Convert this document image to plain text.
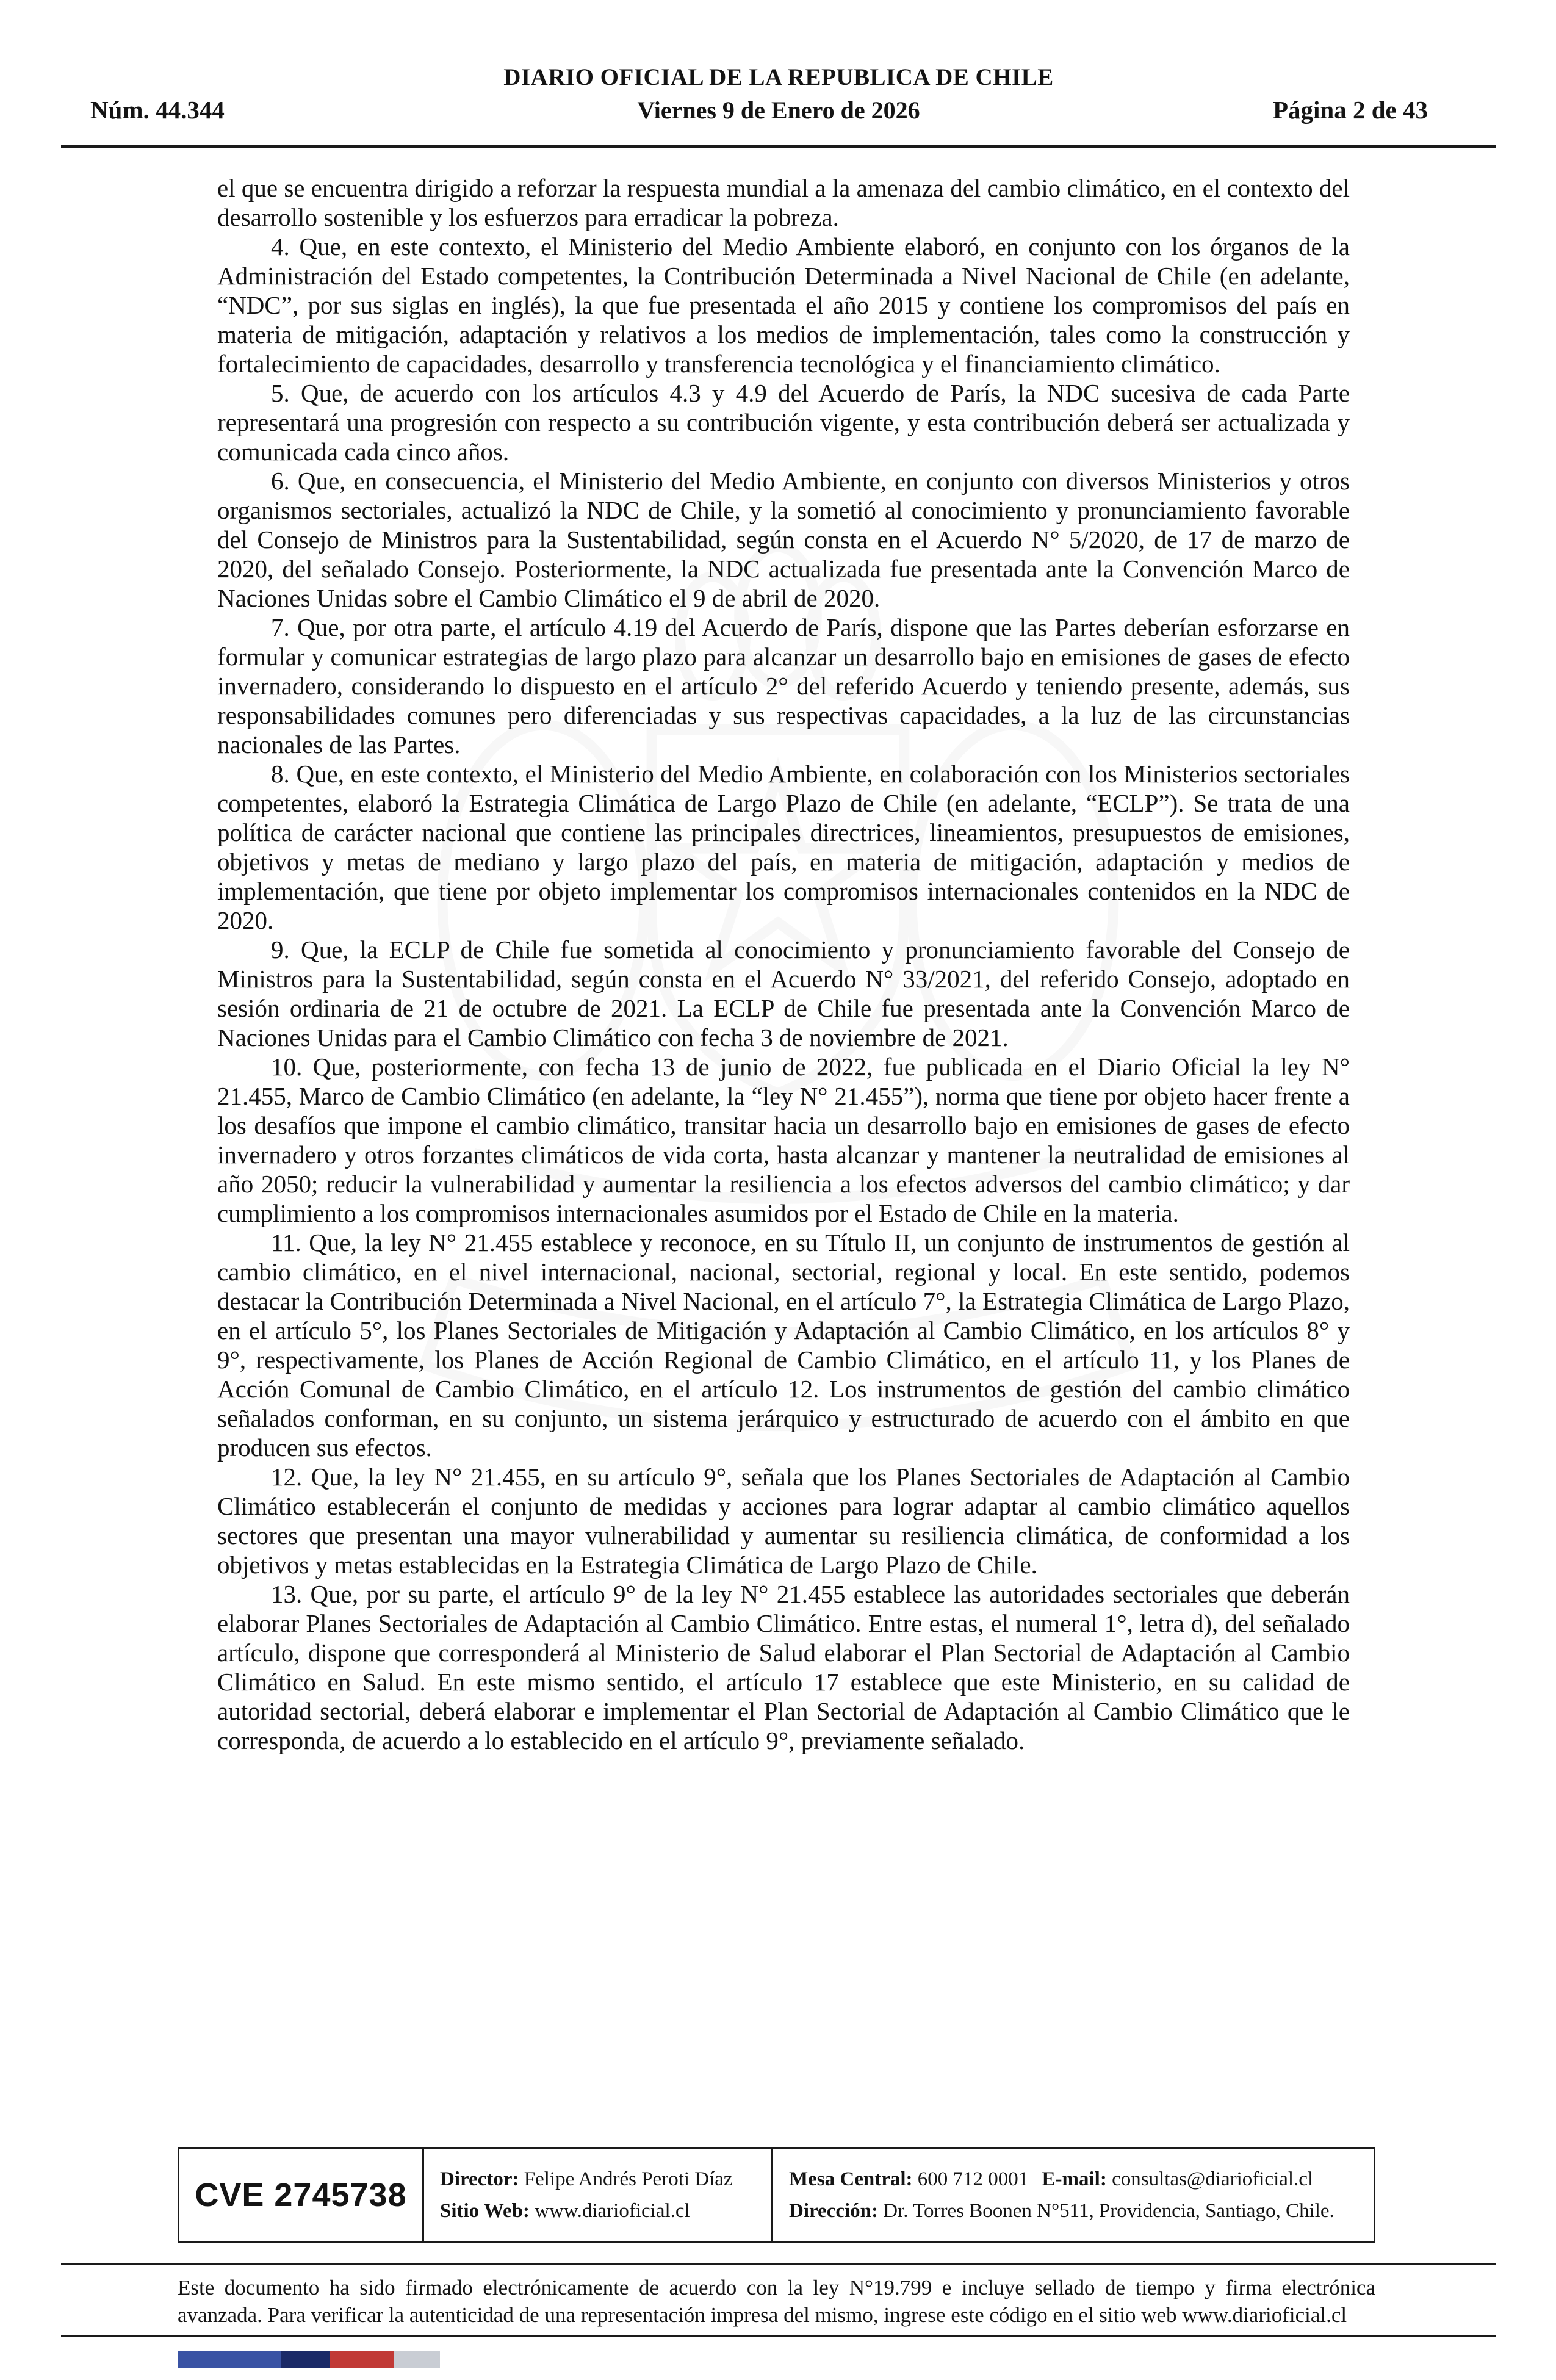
DIARIO OFICIAL DE LA REPUBLICA DE CHILE
Viernes 9 de Enero de 2026
Núm. 44.344	Página 2 de 43

el que se encuentra dirigido a reforzar la respuesta mundial a la amenaza del cambio climático, en el contexto del desarrollo sostenible y los esfuerzos para erradicar la pobreza.

4. Que, en este contexto, el Ministerio del Medio Ambiente elaboró, en conjunto con los órganos de la Administración del Estado competentes, la Contribución Determinada a Nivel Nacional de Chile (en adelante, “NDC”, por sus siglas en inglés), la que fue presentada el año 2015 y contiene los compromisos del país en materia de mitigación, adaptación y relativos a los medios de implementación, tales como la construcción y fortalecimiento de capacidades, desarrollo y transferencia tecnológica y el financiamiento climático.

5. Que, de acuerdo con los artículos 4.3 y 4.9 del Acuerdo de París, la NDC sucesiva de cada Parte representará una progresión con respecto a su contribución vigente, y esta contribución deberá ser actualizada y comunicada cada cinco años.

6. Que, en consecuencia, el Ministerio del Medio Ambiente, en conjunto con diversos Ministerios y otros organismos sectoriales, actualizó la NDC de Chile, y la sometió al conocimiento y pronunciamiento favorable del Consejo de Ministros para la Sustentabilidad, según consta en el Acuerdo N° 5/2020, de 17 de marzo de 2020, del señalado Consejo. Posteriormente, la NDC actualizada fue presentada ante la Convención Marco de Naciones Unidas sobre el Cambio Climático el 9 de abril de 2020.

7. Que, por otra parte, el artículo 4.19 del Acuerdo de París, dispone que las Partes deberían esforzarse en formular y comunicar estrategias de largo plazo para alcanzar un desarrollo bajo en emisiones de gases de efecto invernadero, considerando lo dispuesto en el artículo 2° del referido Acuerdo y teniendo presente, además, sus responsabilidades comunes pero diferenciadas y sus respectivas capacidades, a la luz de las circunstancias nacionales de las Partes.

8. Que, en este contexto, el Ministerio del Medio Ambiente, en colaboración con los Ministerios sectoriales competentes, elaboró la Estrategia Climática de Largo Plazo de Chile (en adelante, “ECLP”). Se trata de una política de carácter nacional que contiene las principales directrices, lineamientos, presupuestos de emisiones, objetivos y metas de mediano y largo plazo del país, en materia de mitigación, adaptación y medios de implementación, que tiene por objeto implementar los compromisos internacionales contenidos en la NDC de 2020.

9. Que, la ECLP de Chile fue sometida al conocimiento y pronunciamiento favorable del Consejo de Ministros para la Sustentabilidad, según consta en el Acuerdo N° 33/2021, del referido Consejo, adoptado en sesión ordinaria de 21 de octubre de 2021. La ECLP de Chile fue presentada ante la Convención Marco de Naciones Unidas para el Cambio Climático con fecha 3 de noviembre de 2021.

10. Que, posteriormente, con fecha 13 de junio de 2022, fue publicada en el Diario Oficial la ley N° 21.455, Marco de Cambio Climático (en adelante, la “ley N° 21.455”), norma que tiene por objeto hacer frente a los desafíos que impone el cambio climático, transitar hacia un desarrollo bajo en emisiones de gases de efecto invernadero y otros forzantes climáticos de vida corta, hasta alcanzar y mantener la neutralidad de emisiones al año 2050; reducir la vulnerabilidad y aumentar la resiliencia a los efectos adversos del cambio climático; y dar cumplimiento a los compromisos internacionales asumidos por el Estado de Chile en la materia.

11. Que, la ley N° 21.455 establece y reconoce, en su Título II, un conjunto de instrumentos de gestión al cambio climático, en el nivel internacional, nacional, sectorial, regional y local. En este sentido, podemos destacar la Contribución Determinada a Nivel Nacional, en el artículo 7°, la Estrategia Climática de Largo Plazo, en el artículo 5°, los Planes Sectoriales de Mitigación y Adaptación al Cambio Climático, en los artículos 8° y 9°, respectivamente, los Planes de Acción Regional de Cambio Climático, en el artículo 11, y los Planes de Acción Comunal de Cambio Climático, en el artículo 12. Los instrumentos de gestión del cambio climático señalados conforman, en su conjunto, un sistema jerárquico y estructurado de acuerdo con el ámbito en que producen sus efectos.

12. Que, la ley N° 21.455, en su artículo 9°, señala que los Planes Sectoriales de Adaptación al Cambio Climático establecerán el conjunto de medidas y acciones para lograr adaptar al cambio climático aquellos sectores que presentan una mayor vulnerabilidad y aumentar su resiliencia climática, de conformidad a los objetivos y metas establecidas en la Estrategia Climática de Largo Plazo de Chile.

13. Que, por su parte, el artículo 9° de la ley N° 21.455 establece las autoridades sectoriales que deberán elaborar Planes Sectoriales de Adaptación al Cambio Climático. Entre estas, el numeral 1°, letra d), del señalado artículo, dispone que corresponderá al Ministerio de Salud elaborar el Plan Sectorial de Adaptación al Cambio Climático en Salud. En este mismo sentido, el artículo 17 establece que este Ministerio, en su calidad de autoridad sectorial, deberá elaborar e implementar el Plan Sectorial de Adaptación al Cambio Climático que le corresponda, de acuerdo a lo establecido en el artículo 9°, previamente señalado.

CVE 2745738	Director: Felipe Andrés Peroti Díaz
Sitio Web: www.diarioficial.cl
Mesa Central: 600 712 0001 E-mail: consultas@diarioficial.cl
Dirección: Dr. Torres Boonen N°511, Providencia, Santiago, Chile.
Este documento ha sido firmado electrónicamente de acuerdo con la ley N°19.799 e incluye sellado de tiempo y firma electrónica avanzada. Para verificar la autenticidad de una representación impresa del mismo, ingrese este código en el sitio web www.diarioficial.cl
